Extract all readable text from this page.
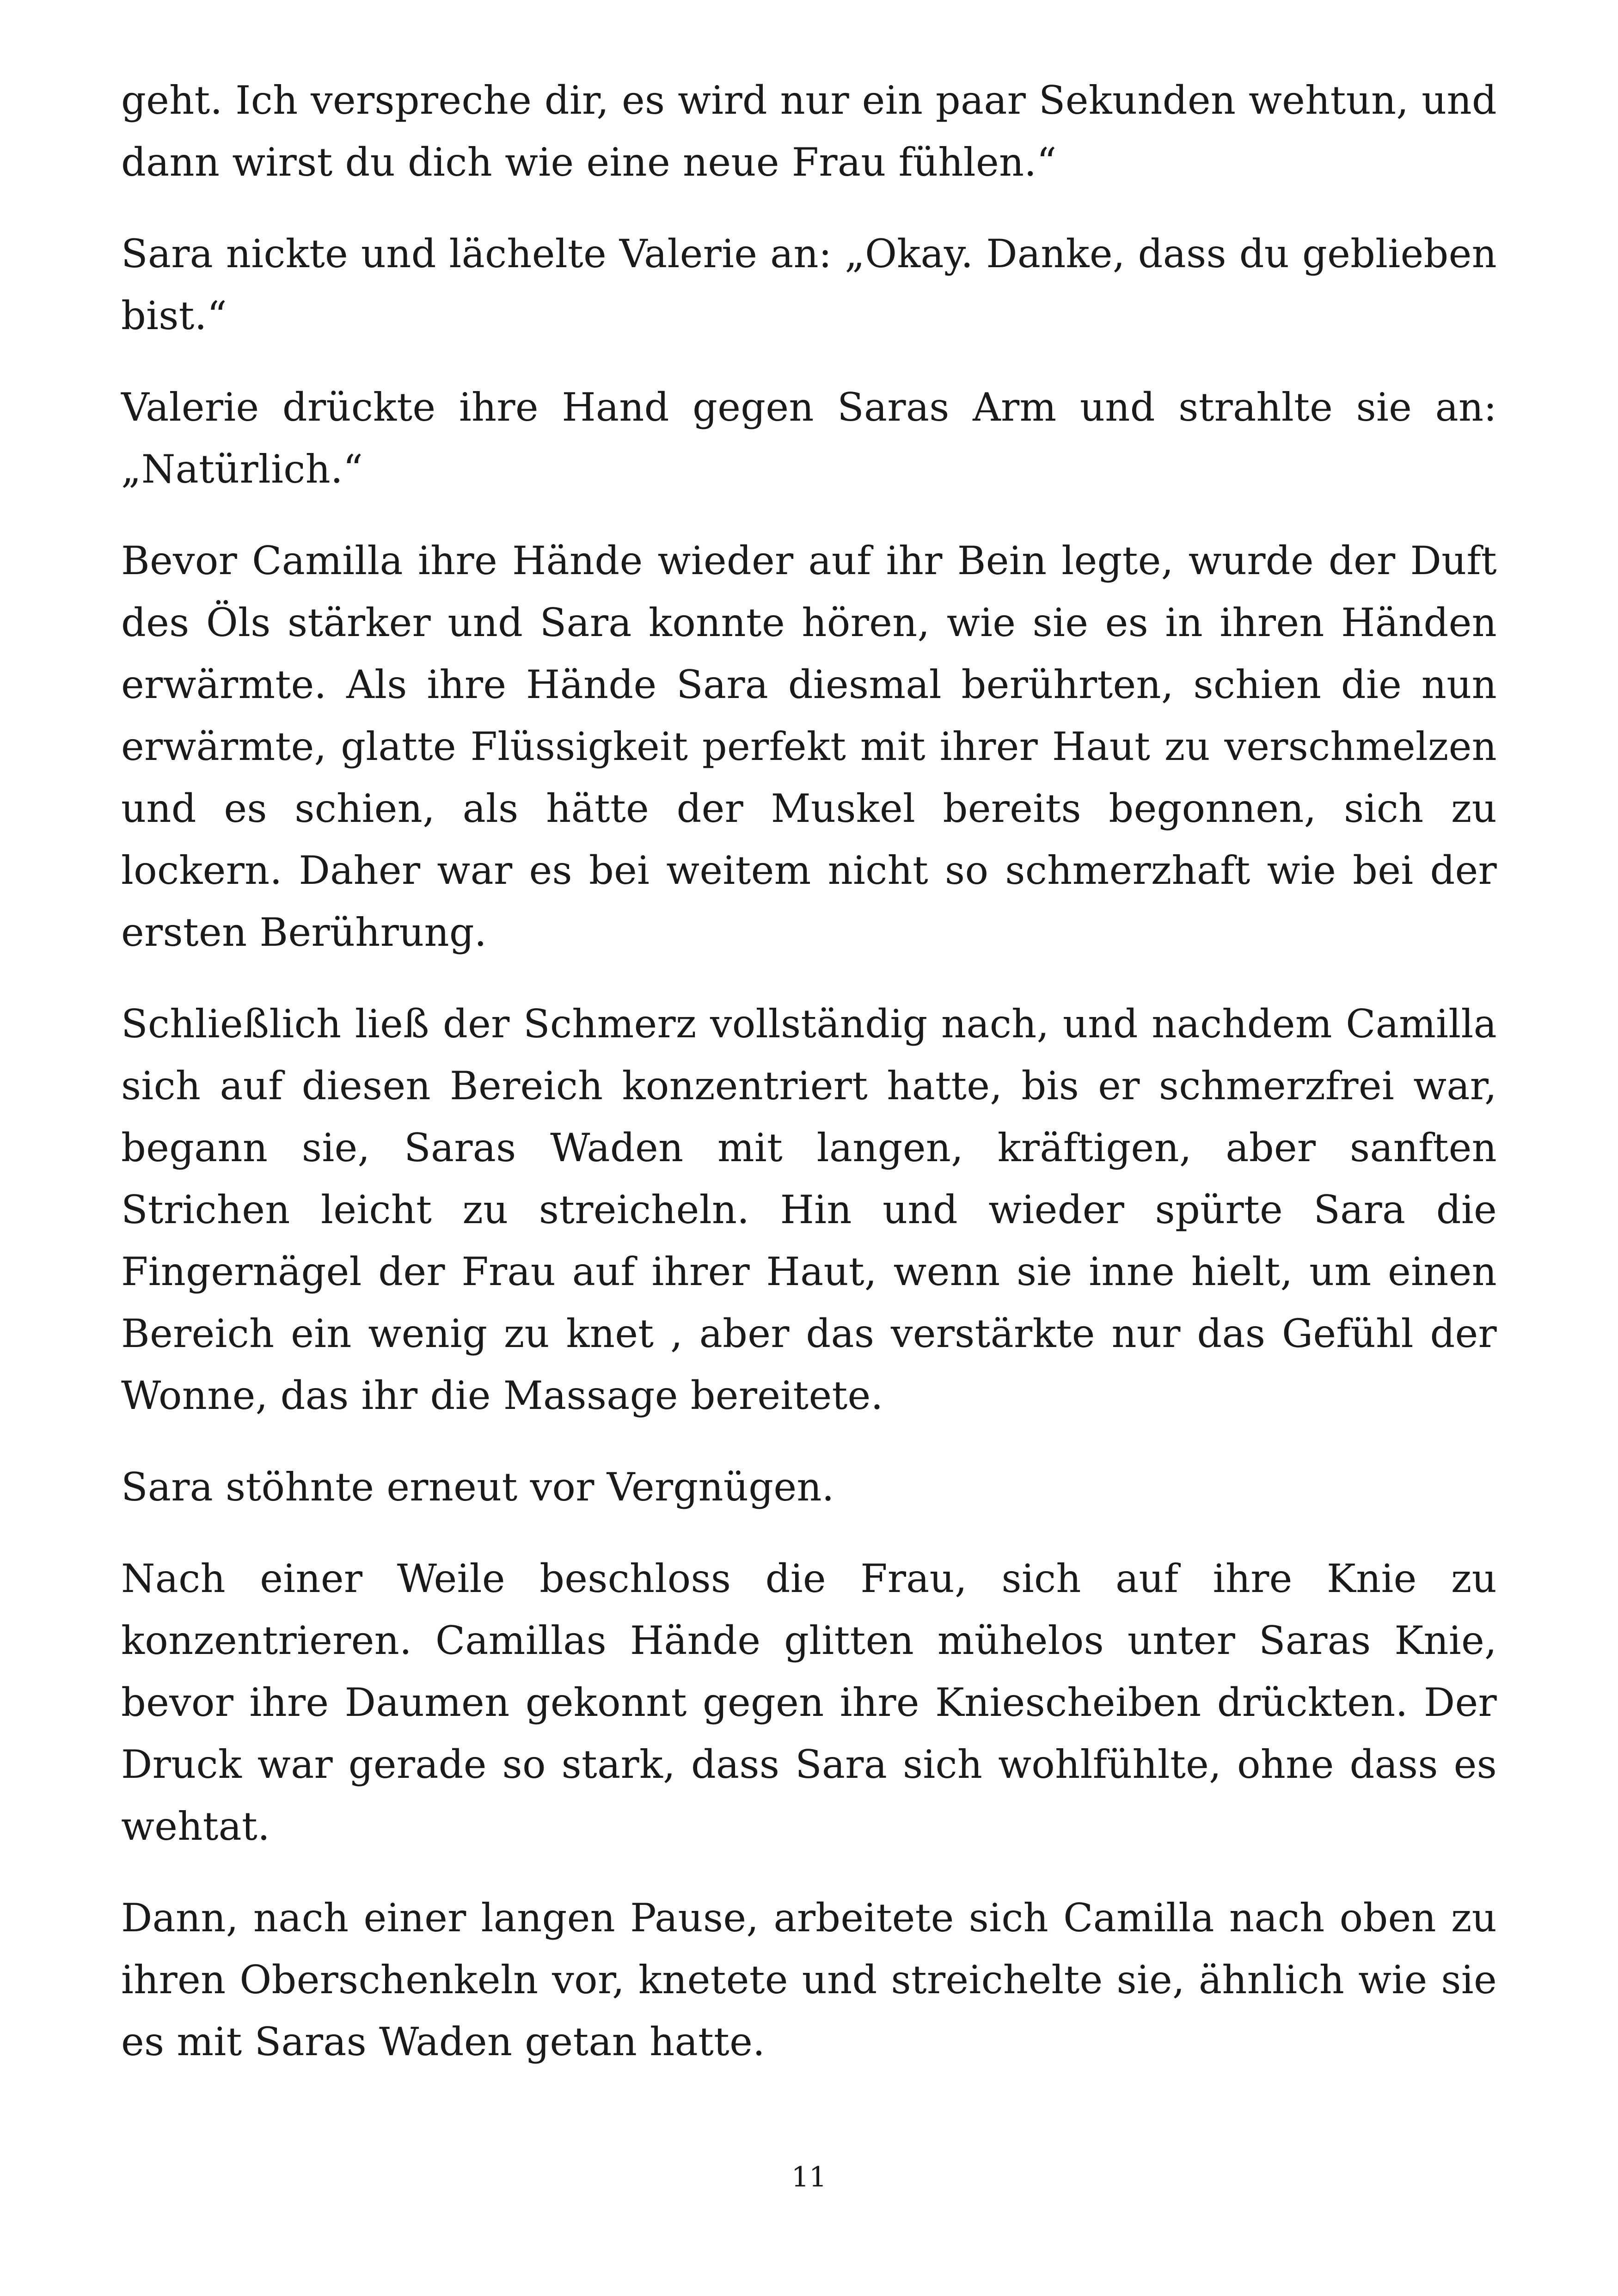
geht. Ich verspreche dir, es wird nur ein paar Sekunden wehtun, und dann wirst du dich wie eine neue Frau fühlen.“

Sara nickte und lächelte Valerie an: „Okay. Danke, dass du geblieben bist.“

Valerie drückte ihre Hand gegen Saras Arm und strahlte sie an: „Natürlich.“

Bevor Camilla ihre Hände wieder auf ihr Bein legte, wurde der Duft des Öls stärker und Sara konnte hören, wie sie es in ihren Händen erwärmte. Als ihre Hände Sara diesmal berührten, schien die nun erwärmte, glatte Flüssigkeit perfekt mit ihrer Haut zu verschmelzen und es schien, als hätte der Muskel bereits begonnen, sich zu lockern. Daher war es bei weitem nicht so schmerzhaft wie bei der ersten Berührung.

Schließlich ließ der Schmerz vollständig nach, und nachdem Camilla sich auf diesen Bereich konzentriert hatte, bis er schmerzfrei war, begann sie, Saras Waden mit langen, kräftigen, aber sanften Strichen leicht zu streicheln. Hin und wieder spürte Sara die Fingernägel der Frau auf ihrer Haut, wenn sie inne hielt, um einen Bereich ein wenig zu knet , aber das verstärkte nur das Gefühl der Wonne, das ihr die Massage bereitete.

Sara stöhnte erneut vor Vergnügen.

Nach einer Weile beschloss die Frau, sich auf ihre Knie zu konzentrieren. Camillas Hände glitten mühelos unter Saras Knie, bevor ihre Daumen gekonnt gegen ihre Kniescheiben drückten. Der Druck war gerade so stark, dass Sara sich wohlfühlte, ohne dass es wehtat.

Dann, nach einer langen Pause, arbeitete sich Camilla nach oben zu ihren Oberschenkeln vor, knetete und streichelte sie, ähnlich wie sie es mit Saras Waden getan hatte.

11
